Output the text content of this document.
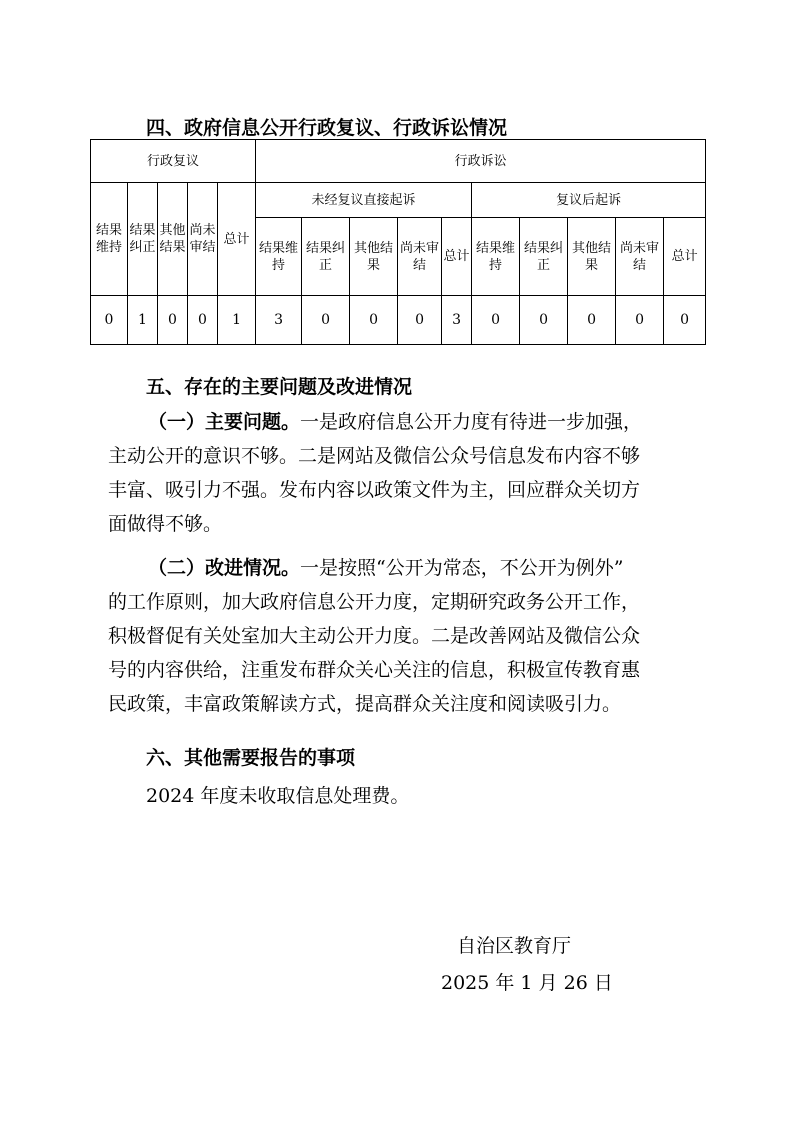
四、政府信息公开行政复议、行政诉讼情况
行政复议					行政诉讼									
结果维持	结果纠正	其他结果	尚未审结	总计	未经复议直接起诉					复议后起诉				
					结果维持	结果纠正	其他结果	尚未审结	总计	结果维持	结果纠正	其他结果	尚未审结	总计
0	1	0	0	1	3	0	0	0	3	0	0	0	0	0
五、存在的主要问题及改进情况
（一）主要问题。一是政府信息公开力度有待进一步加强，
主动公开的意识不够。二是网站及微信公众号信息发布内容不够
丰富、吸引力不强。发布内容以政策文件为主，回应群众关切方
面做得不够。
（二）改进情况。一是按照“公开为常态，不公开为例外”
的工作原则，加大政府信息公开力度，定期研究政务公开工作，
积极督促有关处室加大主动公开力度。二是改善网站及微信公众
号的内容供给，注重发布群众关心关注的信息，积极宣传教育惠
民政策，丰富政策解读方式，提高群众关注度和阅读吸引力。
六、其他需要报告的事项
2024 年度未收取信息处理费。
自治区教育厅
2025 年 1 月 26 日
